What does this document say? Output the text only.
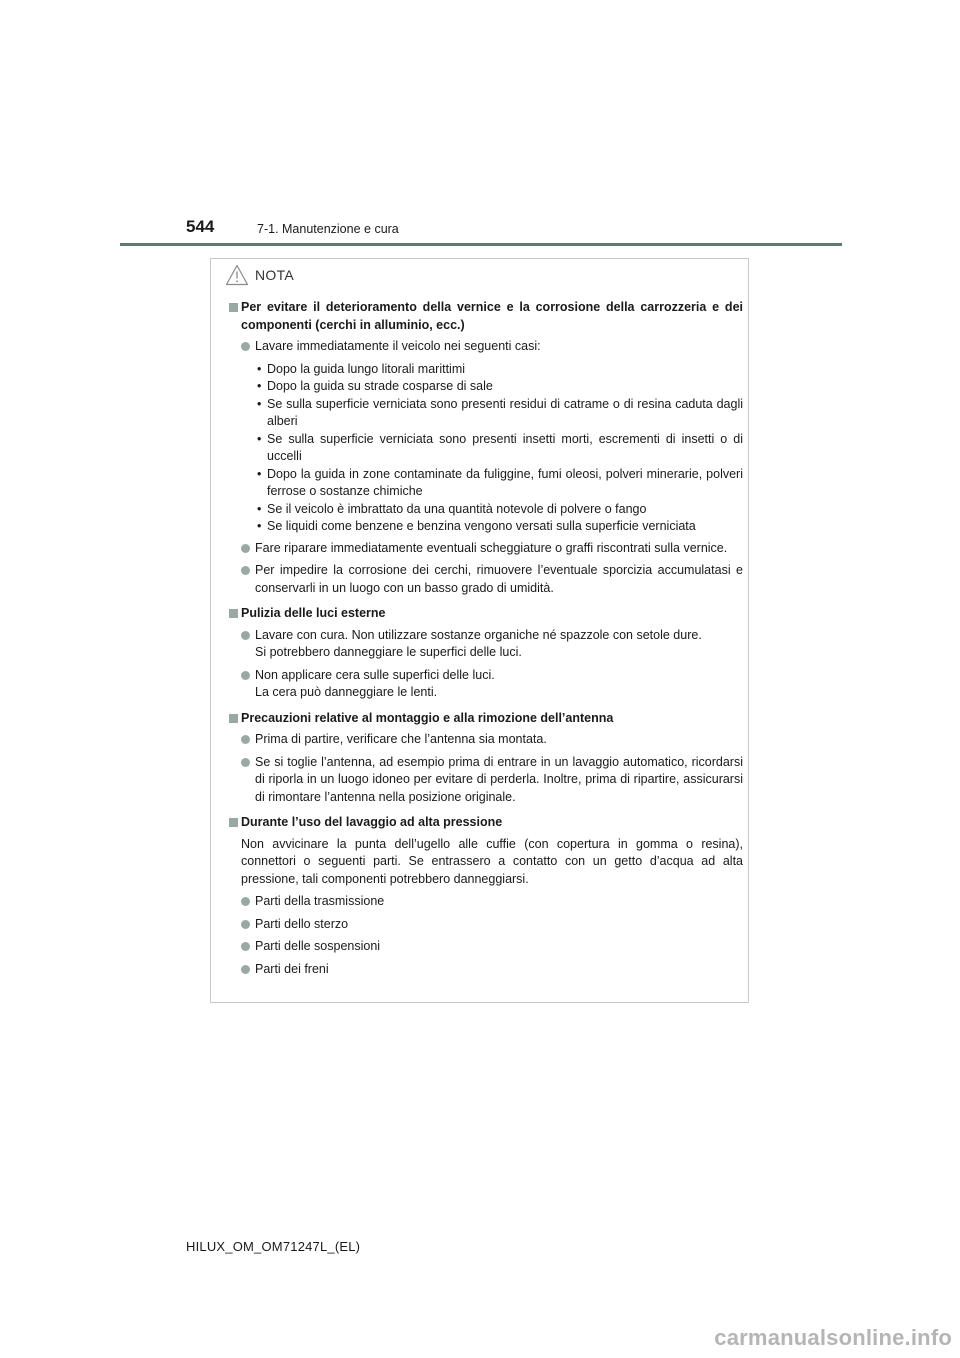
544	7-1. Manutenzione e cura
NOTA
Per evitare il deterioramento della vernice e la corrosione della carrozzeria e dei componenti (cerchi in alluminio, ecc.)
Lavare immediatamente il veicolo nei seguenti casi:
• Dopo la guida lungo litorali marittimi
• Dopo la guida su strade cosparse di sale
• Se sulla superficie verniciata sono presenti residui di catrame o di resina caduta dagli alberi
• Se sulla superficie verniciata sono presenti insetti morti, escrementi di insetti o di uccelli
• Dopo la guida in zone contaminate da fuliggine, fumi oleosi, polveri minerarie, polveri ferrose o sostanze chimiche
• Se il veicolo è imbrattato da una quantità notevole di polvere o fango
• Se liquidi come benzene e benzina vengono versati sulla superficie verniciata
Fare riparare immediatamente eventuali scheggiature o graffi riscontrati sulla vernice.
Per impedire la corrosione dei cerchi, rimuovere l’eventuale sporcizia accumulatasi e conservarli in un luogo con un basso grado di umidità.
Pulizia delle luci esterne
Lavare con cura. Non utilizzare sostanze organiche né spazzole con setole dure.
Si potrebbero danneggiare le superfici delle luci.
Non applicare cera sulle superfici delle luci.
La cera può danneggiare le lenti.
Precauzioni relative al montaggio e alla rimozione dell’antenna
Prima di partire, verificare che l’antenna sia montata.
Se si toglie l’antenna, ad esempio prima di entrare in un lavaggio automatico, ricordarsi di riporla in un luogo idoneo per evitare di perderla. Inoltre, prima di ripartire, assicurarsi di rimontare l’antenna nella posizione originale.
Durante l’uso del lavaggio ad alta pressione
Non avvicinare la punta dell’ugello alle cuffie (con copertura in gomma o resina), connettori o seguenti parti. Se entrassero a contatto con un getto d’acqua ad alta pressione, tali componenti potrebbero danneggiarsi.
Parti della trasmissione
Parti dello sterzo
Parti delle sospensioni
Parti dei freni
HILUX_OM_OM71247L_(EL)
carmanualsonline.info
